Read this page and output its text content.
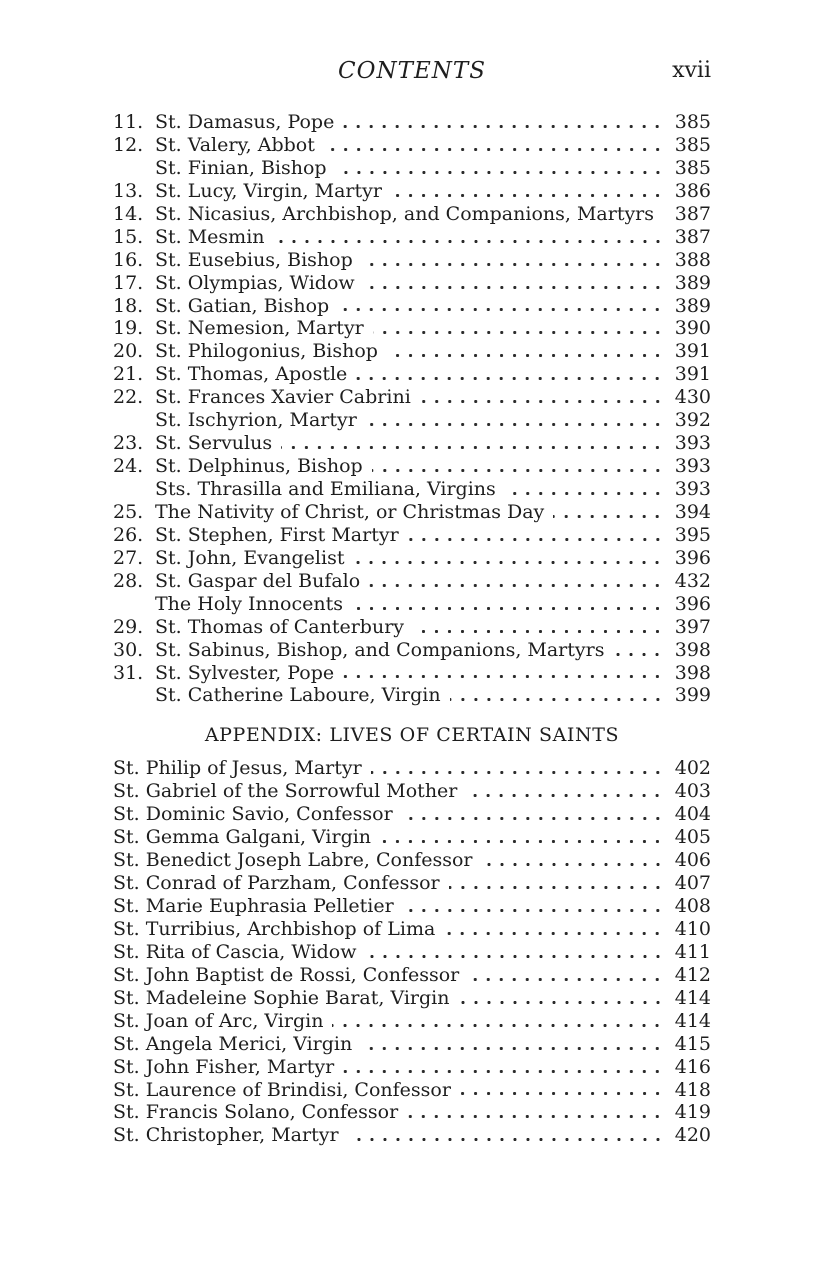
CONTENTS	xvii
11. St. Damasus, Pope	385
12. St. Valery, Abbot	385
St. Finian, Bishop	385
13. St. Lucy, Virgin, Martyr	386
14. St. Nicasius, Archbishop, and Companions, Martyrs 387
15. St. Mesmin	387
16. St. Eusebius, Bishop	388
17. St. Olympias, Widow	389
18. St. Gatian, Bishop	389
19. St. Nemesion, Martyr	390
20. St. Philogonius, Bishop	391
21. St. Thomas, Apostle	391
22. St. Frances Xavier Cabrini	430
St. Ischyrion, Martyr	392
23. St. Servulus	393
24. St. Delphinus, Bishop	393
Sts. Thrasilla and Emiliana, Virgins	393
25. The Nativity of Christ, or Christmas Day	394
26. St. Stephen, First Martyr	395
27. St. John, Evangelist	396
28. St. Gaspar del Bufalo	432
The Holy Innocents	396
29. St. Thomas of Canterbury	397
30. St. Sabinus, Bishop, and Companions, Martyrs	398
31. St. Sylvester, Pope	398
St. Catherine Laboure, Virgin	399
APPENDIX: LIVES OF CERTAIN SAINTS
St. Philip of Jesus, Martyr	402
St. Gabriel of the Sorrowful Mother	403
St. Dominic Savio, Confessor	404
St. Gemma Galgani, Virgin	405
St. Benedict Joseph Labre, Confessor	406
St. Conrad of Parzham, Confessor	407
St. Marie Euphrasia Pelletier	408
St. Turribius, Archbishop of Lima	410
St. Rita of Cascia, Widow	411
St. John Baptist de Rossi, Confessor	412
St. Madeleine Sophie Barat, Virgin	414
St. Joan of Arc, Virgin	414
St. Angela Merici, Virgin	415
St. John Fisher, Martyr	416
St. Laurence of Brindisi, Confessor	418
St. Francis Solano, Confessor	419
St. Christopher, Martyr	420
